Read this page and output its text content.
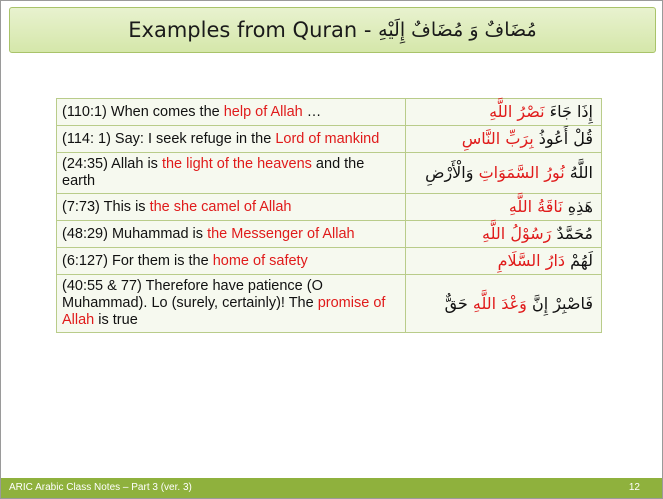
Examples from Quran -
مُضَافٌ وَ مُضَافٌ إِلَيْهِ
(110:1) When comes the help of Allah …	إِذَا جَاءَ نَصْرُ اللَّهِ
(114: 1) Say: I seek refuge in the Lord of mankind	قُلْ أَعُوذُ بِرَبِّ النَّاسِ
(24:35) Allah is the light of the heavens and the earth	اللَّهُ نُورُ السَّمَوَاتِ وَالْأَرْضِ
(7:73) This is the she camel of Allah	هَذِهِ نَاقَةُ اللَّهِ
(48:29) Muhammad is the Messenger of Allah	مُحَمَّدٌ رَسُوْلُ اللَّهِ
(6:127) For them is the home of safety	لَهُمْ دَارُ السَّلَامِ
(40:55 & 77) Therefore have patience (O Muhammad). Lo (surely, certainly)! The promise of Allah is true	فَاصْبِرْ إِنَّ وَعْدَ اللَّهِ حَقٌّ
ARIC Arabic Class Notes – Part 3 (ver. 3)	12
